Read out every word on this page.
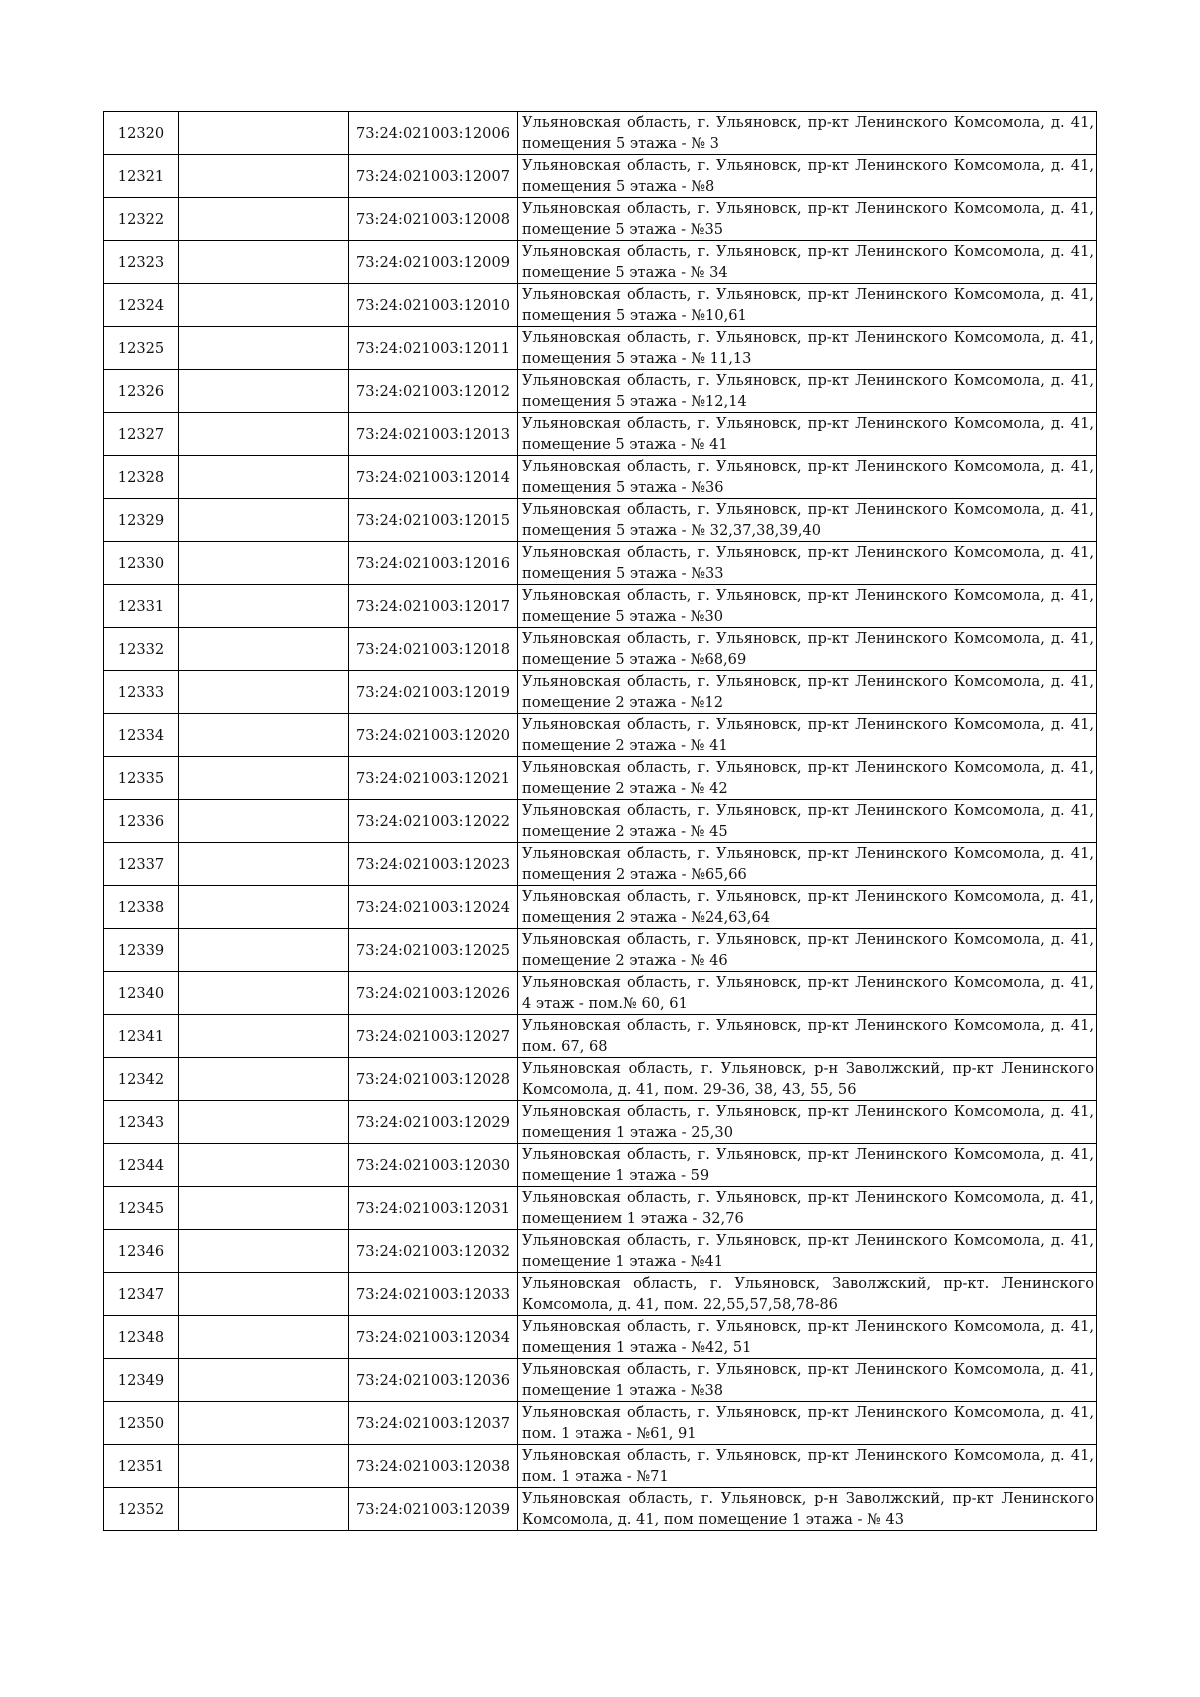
12320		73:24:021003:12006	Ульяновская область, г. Ульяновск, пр-кт Ленинского Комсомола, д. 41, помещения 5 этажа - № 3

12321		73:24:021003:12007	Ульяновская область, г. Ульяновск, пр-кт Ленинского Комсомола, д. 41, помещения 5 этажа - №8

12322		73:24:021003:12008	Ульяновская область, г. Ульяновск, пр-кт Ленинского Комсомола, д. 41, помещение 5 этажа - №35

12323		73:24:021003:12009	Ульяновская область, г. Ульяновск, пр-кт Ленинского Комсомола, д. 41, помещение 5 этажа - № 34

12324		73:24:021003:12010	Ульяновская область, г. Ульяновск, пр-кт Ленинского Комсомола, д. 41, помещения 5 этажа - №10,61

12325		73:24:021003:12011	Ульяновская область, г. Ульяновск, пр-кт Ленинского Комсомола, д. 41, помещения 5 этажа - № 11,13

12326		73:24:021003:12012	Ульяновская область, г. Ульяновск, пр-кт Ленинского Комсомола, д. 41, помещения 5 этажа - №12,14

12327		73:24:021003:12013	Ульяновская область, г. Ульяновск, пр-кт Ленинского Комсомола, д. 41, помещение 5 этажа - № 41

12328		73:24:021003:12014	Ульяновская область, г. Ульяновск, пр-кт Ленинского Комсомола, д. 41, помещения 5 этажа - №36

12329		73:24:021003:12015	Ульяновская область, г. Ульяновск, пр-кт Ленинского Комсомола, д. 41, помещения 5 этажа - № 32,37,38,39,40

12330		73:24:021003:12016	Ульяновская область, г. Ульяновск, пр-кт Ленинского Комсомола, д. 41, помещения 5 этажа - №33

12331		73:24:021003:12017	Ульяновская область, г. Ульяновск, пр-кт Ленинского Комсомола, д. 41, помещение 5 этажа - №30

12332		73:24:021003:12018	Ульяновская область, г. Ульяновск, пр-кт Ленинского Комсомола, д. 41, помещение 5 этажа - №68,69

12333		73:24:021003:12019	Ульяновская область, г. Ульяновск, пр-кт Ленинского Комсомола, д. 41, помещение 2 этажа - №12

12334		73:24:021003:12020	Ульяновская область, г. Ульяновск, пр-кт Ленинского Комсомола, д. 41, помещение 2 этажа - № 41

12335		73:24:021003:12021	Ульяновская область, г. Ульяновск, пр-кт Ленинского Комсомола, д. 41, помещение 2 этажа - № 42

12336		73:24:021003:12022	Ульяновская область, г. Ульяновск, пр-кт Ленинского Комсомола, д. 41, помещение 2 этажа - № 45

12337		73:24:021003:12023	Ульяновская область, г. Ульяновск, пр-кт Ленинского Комсомола, д. 41, помещения 2 этажа - №65,66

12338		73:24:021003:12024	Ульяновская область, г. Ульяновск, пр-кт Ленинского Комсомола, д. 41, помещения 2 этажа - №24,63,64

12339		73:24:021003:12025	Ульяновская область, г. Ульяновск, пр-кт Ленинского Комсомола, д. 41, помещение 2 этажа - № 46

12340		73:24:021003:12026	Ульяновская область, г. Ульяновск, пр-кт Ленинского Комсомола, д. 41, 4 этаж - пом.№ 60, 61

12341		73:24:021003:12027	Ульяновская область, г. Ульяновск, пр-кт Ленинского Комсомола, д. 41, пом. 67, 68

12342		73:24:021003:12028	Ульяновская область, г. Ульяновск, р-н Заволжский, пр-кт Ленинского Комсомола, д. 41, пом. 29-36, 38, 43, 55, 56

12343		73:24:021003:12029	Ульяновская область, г. Ульяновск, пр-кт Ленинского Комсомола, д. 41, помещения 1 этажа - 25,30

12344		73:24:021003:12030	Ульяновская область, г. Ульяновск, пр-кт Ленинского Комсомола, д. 41, помещение 1 этажа - 59

12345		73:24:021003:12031	Ульяновская область, г. Ульяновск, пр-кт Ленинского Комсомола, д. 41, помещением 1 этажа - 32,76

12346		73:24:021003:12032	Ульяновская область, г. Ульяновск, пр-кт Ленинского Комсомола, д. 41, помещение 1 этажа - №41

12347		73:24:021003:12033	Ульяновская область, г. Ульяновск, Заволжский, пр-кт. Ленинского Комсомола, д. 41, пом. 22,55,57,58,78-86

12348		73:24:021003:12034	Ульяновская область, г. Ульяновск, пр-кт Ленинского Комсомола, д. 41, помещения 1 этажа - №42, 51

12349		73:24:021003:12036	Ульяновская область, г. Ульяновск, пр-кт Ленинского Комсомола, д. 41, помещение 1 этажа - №38

12350		73:24:021003:12037	Ульяновская область, г. Ульяновск, пр-кт Ленинского Комсомола, д. 41, пом. 1 этажа - №61, 91

12351		73:24:021003:12038	Ульяновская область, г. Ульяновск, пр-кт Ленинского Комсомола, д. 41, пом. 1 этажа - №71

12352		73:24:021003:12039	Ульяновская область, г. Ульяновск, р-н Заволжский, пр-кт Ленинского Комсомола, д. 41, пом помещение 1 этажа - № 43
